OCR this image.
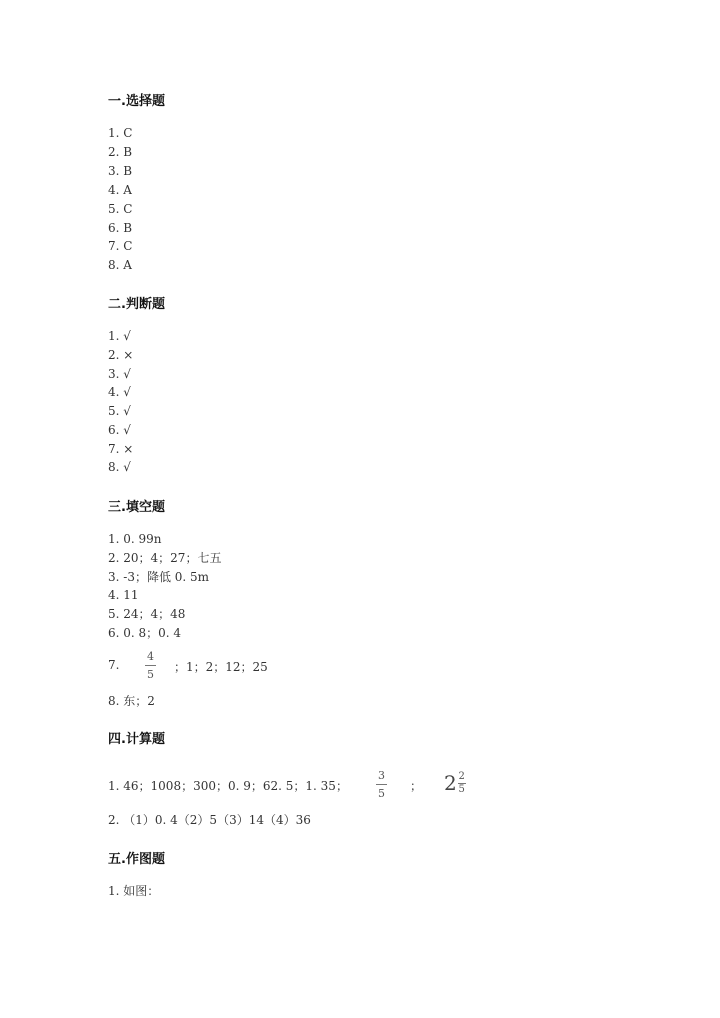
一.选择题
1. C
2. B
3. B
4. A
5. C
6. B
7. C
8. A
二.判断题
1. √
2. ×
3. √
4. √
5. √
6. √
7. ×
8. √
三.填空题
1. 0. 99n
2. 20；4；27；七五
3. -3；降低 0. 5m
4. 11
5. 24；4；48
6. 0. 8；0. 4
7.
4
5
；1；2；12；25
8. 东；2
四.计算题
1. 46；1008；300；0. 9；62. 5；1. 35；
3
5
； $2 \frac{2}{5}$
2. （1）0. 4（2）5（3）14（4）36
五.作图题
1. 如图：
